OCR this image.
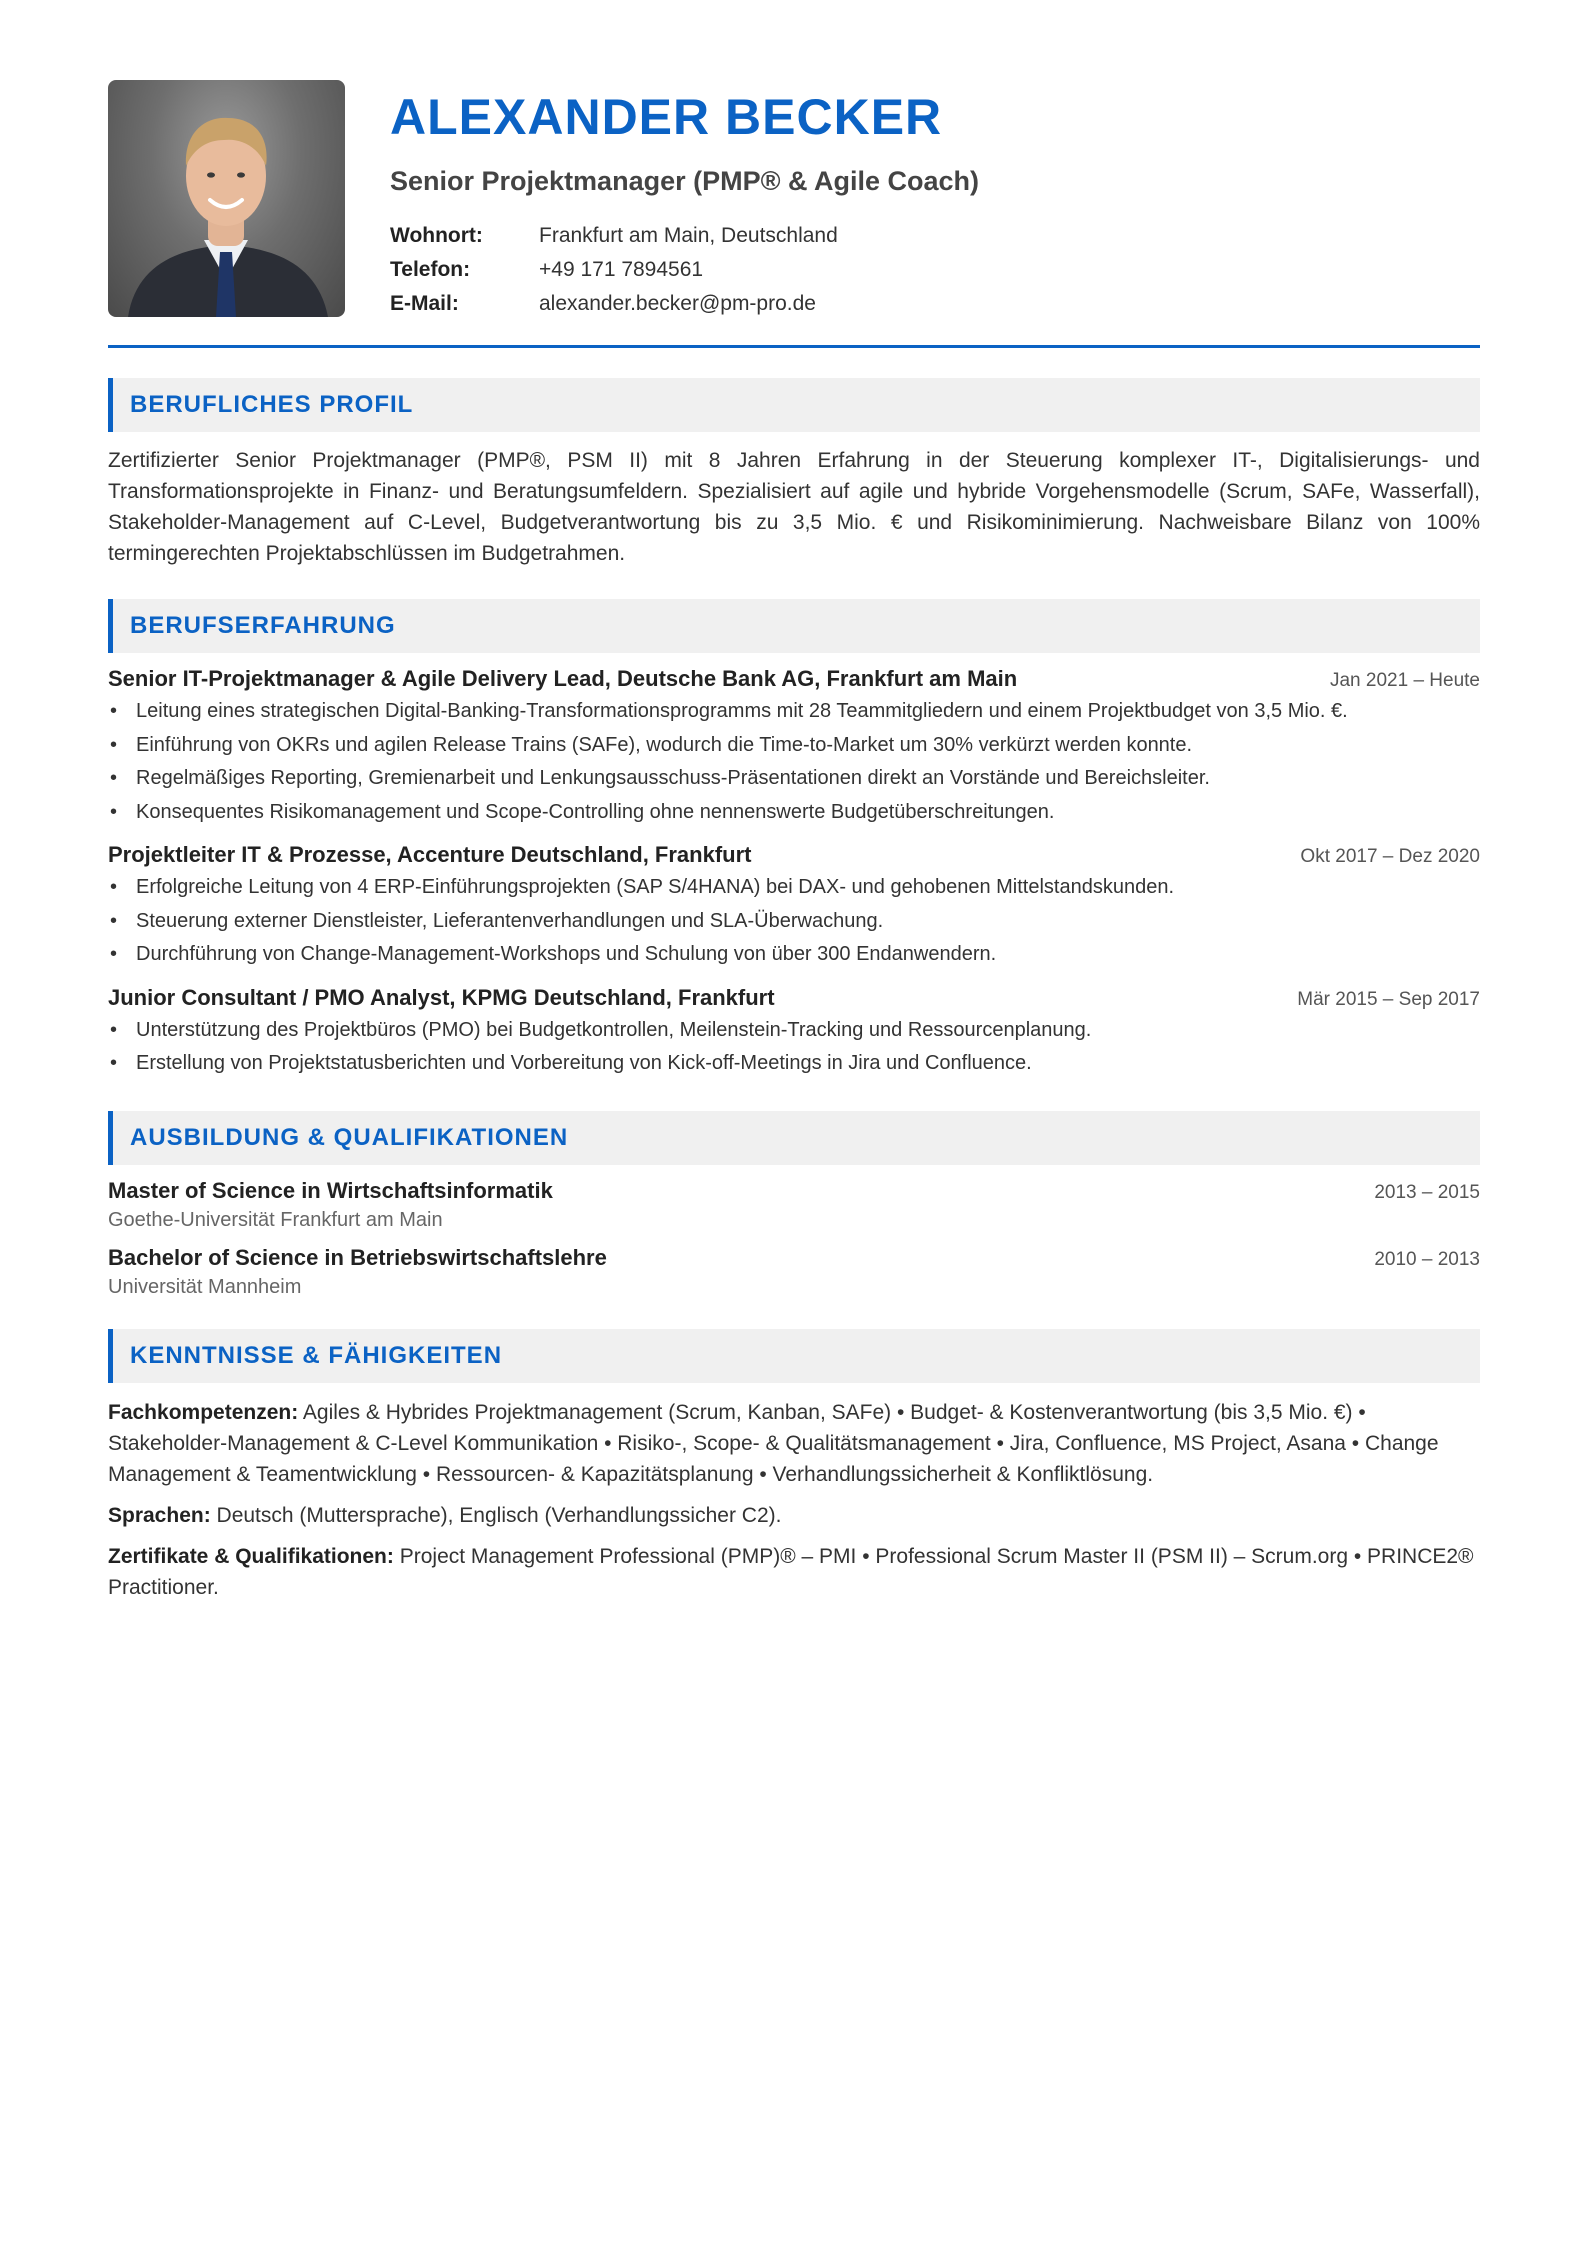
ALEXANDER BECKER
Senior Projektmanager (PMP® & Agile Coach)
Wohnort:	Frankfurt am Main, Deutschland
Telefon:	+49 171 7894561
E-Mail:	alexander.becker@pm-pro.de
BERUFLICHES PROFIL
Zertifizierter Senior Projektmanager (PMP®, PSM II) mit 8 Jahren Erfahrung in der Steuerung komplexer IT-, Digitalisierungs- und Transformationsprojekte in Finanz- und Beratungsumfeldern. Spezialisiert auf agile und hybride Vorgehensmodelle (Scrum, SAFe, Wasserfall), Stakeholder-Management auf C-Level, Budgetverantwortung bis zu 3,5 Mio. € und Risikominimierung. Nachweisbare Bilanz von 100% termingerechten Projektabschlüssen im Budgetrahmen.
BERUFSERFAHRUNG
Senior IT-Projektmanager & Agile Delivery Lead, Deutsche Bank AG, Frankfurt am Main	Jan 2021 – Heute
• Leitung eines strategischen Digital-Banking-Transformationsprogramms mit 28 Teammitgliedern und einem Projektbudget von 3,5 Mio. €.
• Einführung von OKRs und agilen Release Trains (SAFe), wodurch die Time-to-Market um 30% verkürzt werden konnte.
• Regelmäßiges Reporting, Gremienarbeit und Lenkungsausschuss-Präsentationen direkt an Vorstände und Bereichsleiter.
• Konsequentes Risikomanagement und Scope-Controlling ohne nennenswerte Budgetüberschreitungen.
Projektleiter IT & Prozesse, Accenture Deutschland, Frankfurt	Okt 2017 – Dez 2020
• Erfolgreiche Leitung von 4 ERP-Einführungsprojekten (SAP S/4HANA) bei DAX- und gehobenen Mittelstandskunden.
• Steuerung externer Dienstleister, Lieferantenverhandlungen und SLA-Überwachung.
• Durchführung von Change-Management-Workshops und Schulung von über 300 Endanwendern.
Junior Consultant / PMO Analyst, KPMG Deutschland, Frankfurt	Mär 2015 – Sep 2017
• Unterstützung des Projektbüros (PMO) bei Budgetkontrollen, Meilenstein-Tracking und Ressourcenplanung.
• Erstellung von Projektstatusberichten und Vorbereitung von Kick-off-Meetings in Jira und Confluence.
AUSBILDUNG & QUALIFIKATIONEN
Master of Science in Wirtschaftsinformatik	2013 – 2015
Goethe-Universität Frankfurt am Main
Bachelor of Science in Betriebswirtschaftslehre	2010 – 2013
Universität Mannheim
KENNTNISSE & FÄHIGKEITEN
Fachkompetenzen: Agiles & Hybrides Projektmanagement (Scrum, Kanban, SAFe) • Budget- & Kostenverantwortung (bis 3,5 Mio. €) • Stakeholder-Management & C-Level Kommunikation • Risiko-, Scope- & Qualitätsmanagement • Jira, Confluence, MS Project, Asana • Change Management & Teamentwicklung • Ressourcen- & Kapazitätsplanung • Verhandlungssicherheit & Konfliktlösung.
Sprachen: Deutsch (Muttersprache), Englisch (Verhandlungssicher C2).
Zertifikate & Qualifikationen: Project Management Professional (PMP)® – PMI • Professional Scrum Master II (PSM II) – Scrum.org • PRINCE2® Practitioner.
